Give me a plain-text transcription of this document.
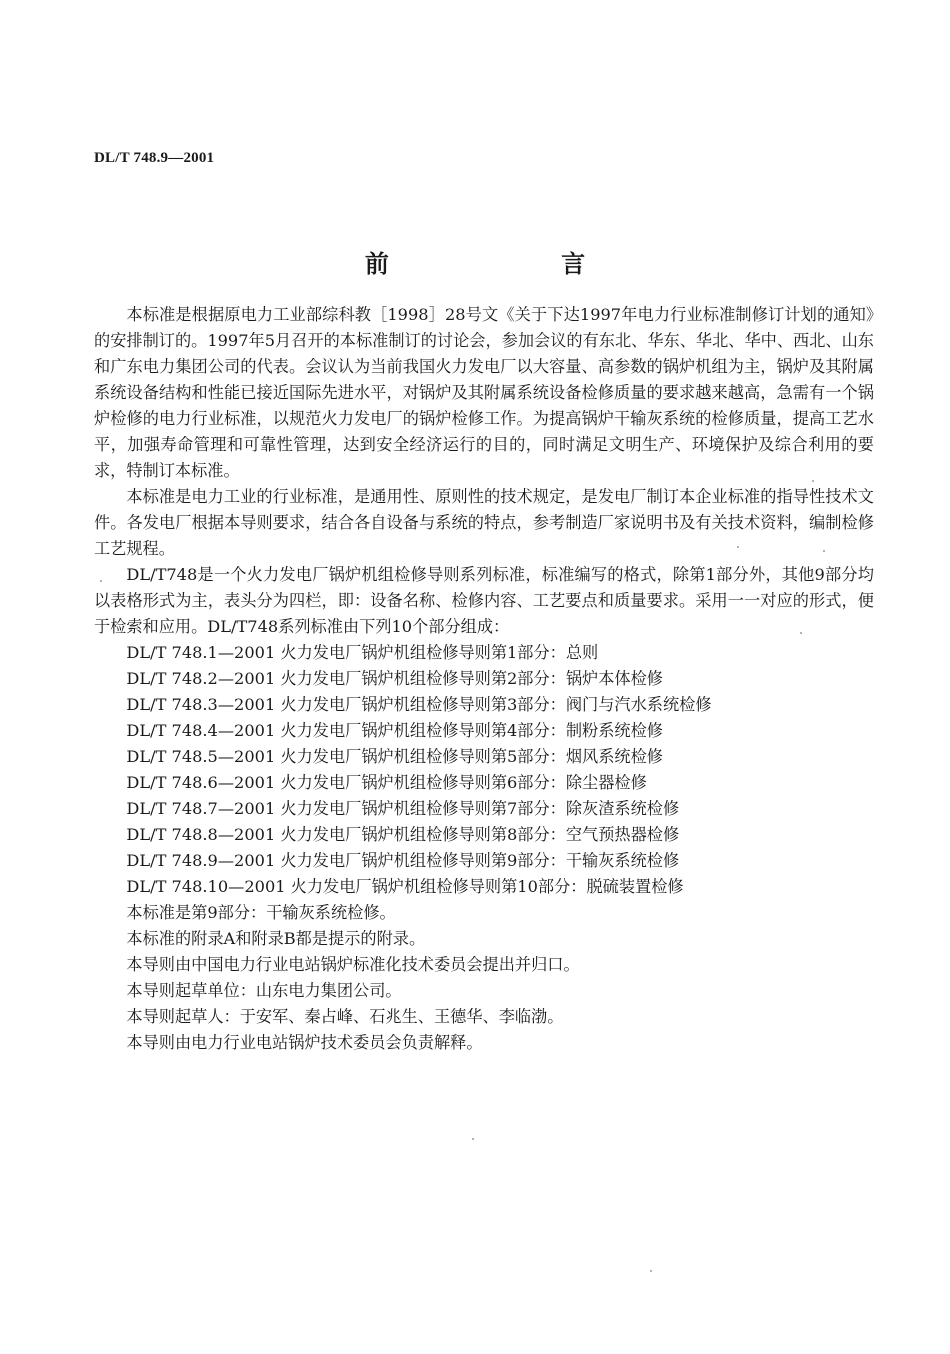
DL/T 748.9—2001
前 言

本标准是根据原电力工业部综科教［1998］28号文《关于下达1997年电力行业标准制修订计划的通知》的安排制订的。1997年5月召开的本标准制订的讨论会，参加会议的有东北、华东、华北、华中、西北、山东和广东电力集团公司的代表。会议认为当前我国火力发电厂以大容量、高参数的锅炉机组为主，锅炉及其附属系统设备结构和性能已接近国际先进水平，对锅炉及其附属系统设备检修质量的要求越来越高，急需有一个锅炉检修的电力行业标准，以规范火力发电厂的锅炉检修工作。为提高锅炉干输灰系统的检修质量，提高工艺水平，加强寿命管理和可靠性管理，达到安全经济运行的目的，同时满足文明生产、环境保护及综合利用的要求，特制订本标准。

本标准是电力工业的行业标准，是通用性、原则性的技术规定，是发电厂制订本企业标准的指导性技术文件。各发电厂根据本导则要求，结合各自设备与系统的特点，参考制造厂家说明书及有关技术资料，编制检修工艺规程。

DL/T748是一个火力发电厂锅炉机组检修导则系列标准，标准编写的格式，除第1部分外，其他9部分均以表格形式为主，表头分为四栏，即：设备名称、检修内容、工艺要点和质量要求。采用一一对应的形式，便于检索和应用。DL/T748系列标准由下列10个部分组成：

DL/T 748.1—2001 火力发电厂锅炉机组检修导则第1部分：总则
DL/T 748.2—2001 火力发电厂锅炉机组检修导则第2部分：锅炉本体检修
DL/T 748.3—2001 火力发电厂锅炉机组检修导则第3部分：阀门与汽水系统检修
DL/T 748.4—2001 火力发电厂锅炉机组检修导则第4部分：制粉系统检修
DL/T 748.5—2001 火力发电厂锅炉机组检修导则第5部分：烟风系统检修
DL/T 748.6—2001 火力发电厂锅炉机组检修导则第6部分：除尘器检修
DL/T 748.7—2001 火力发电厂锅炉机组检修导则第7部分：除灰渣系统检修
DL/T 748.8—2001 火力发电厂锅炉机组检修导则第8部分：空气预热器检修
DL/T 748.9—2001 火力发电厂锅炉机组检修导则第9部分：干输灰系统检修
DL/T 748.10—2001 火力发电厂锅炉机组检修导则第10部分：脱硫装置检修
本标准是第9部分：干输灰系统检修。
本标准的附录A和附录B都是提示的附录。
本导则由中国电力行业电站锅炉标准化技术委员会提出并归口。
本导则起草单位：山东电力集团公司。
本导则起草人：于安军、秦占峰、石兆生、王德华、李临渤。
本导则由电力行业电站锅炉技术委员会负责解释。
